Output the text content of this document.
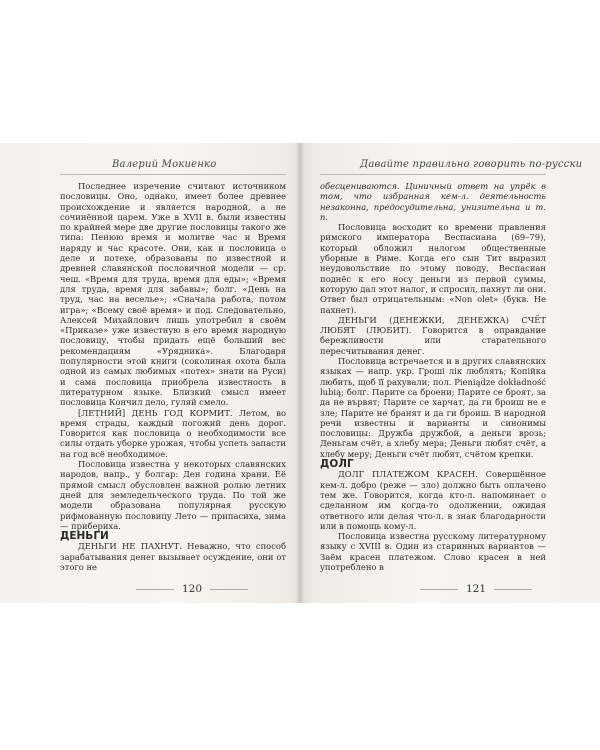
Валерий Мокиенко

Последнее изречение считают источником пословицы. Оно, однако, имеет более древнее происхождение и является народной, а не сочинённой царем. Уже в XVII в. были известны по крайней мере две другие пословицы такого же типа: Пенюю время и молитве час и Время наряду и час красоте. Они, как и пословица о деле и потехе, образованы по известной и древней славянской пословичной модели — ср. чеш. «Время для труда, время для еды»; «Время для труда, время для забавы»; болг. «День на труд, час на веселье»; «Сначала работа, потом игра»; «Всему своё время» и под. Следовательно, Алексей Михайлович лишь употребил в своём «Приказе» уже известную в его время народную пословицу, чтобы придать ещё больший вес рекомендациям «Урядника». Благодаря популярности этой книги (соколиная охота была одной из самых любимых «потех» знати на Руси) и сама пословица приобрела известность в литературном языке. Близкий смысл имеет пословица Кончил дело, гуляй смело.

[ЛЕТНИЙ] ДЕНЬ ГОД КОРМИТ. Летом, во время страды, каждый погожий день дорог. Говорится как пословица о необходимости все силы отдать уборке урожая, чтобы успеть запасти на год всё необходимое.

Пословица известна у некоторых славянских народов, напр., у болгар: Ден година храни. Её прямой смысл обусловлен важной ролью летних дней для земледельческого труда. По той же модели образована популярная русскую рифмованную пословицу Лето — припасиха, зима — прибериха.

ДЕНЬГИ

ДЕНЬГИ НЕ ПАХНУТ. Неважно, что способ зарабатывания денег вызывает осуждение, они от этого не

120
Давайте правильно говорить по-русски

обесцениваются. Циничный ответ на упрёк в том, что избранная кем-л. деятельность незаконна, предосудительна, унизительна и т. п.

Пословица восходит ко времени правления римского императора Веспасиана (69–79), который обложил налогом общественные уборные в Риме. Когда его сын Тит выразил неудовольствие по этому поводу, Веспасиан поднёс к его носу деньги из первой суммы, которую дал этот налог, и спросил, пахнут ли они. Ответ был отрицательным: «Non olet» (букв. Не пахнет).

ДЕНЬГИ (ДЕНЕЖКИ, ДЕНЕЖКА) СЧЁТ ЛЮБЯТ (ЛЮБИТ). Говорится в оправдание бережливости или старательного пересчитывания денег.

Пословица встречается и в других славянских языках — напр. укр. Гроші лік люблять; Копійка любить, щоб її рахували; пол. Pieniądze dokładność lubią; болг. Парите са броени; Парите се броят, за да не вървят; Парите се харчат, да ги броиш не е зле; Парите не бранят и да ги броиш. В народной речи известны и варианты и синонимы пословицы: Дружба дружбой, а деньги врозь; Деньгам счёт, а хлебу мера; Деньги любят счёт, а хлебу меру; Деньги счёт любят, счётом крепки.

ДОЛГ

ДОЛГ ПЛАТЕЖОМ КРАСЕН. Совершённое кем-л. добро (реже — зло) должно быть оплачено тем же. Говорится, когда кто-л. напоминает о сделанном им когда-то одолжении, ожидая ответного или делая что-л. в знак благодарности или в помощь кому-л.

Пословица известна русскому литературному языку с XVIII в. Один из старинных вариантов — Заём красен платежом. Слово красен в ней употреблено в

121
